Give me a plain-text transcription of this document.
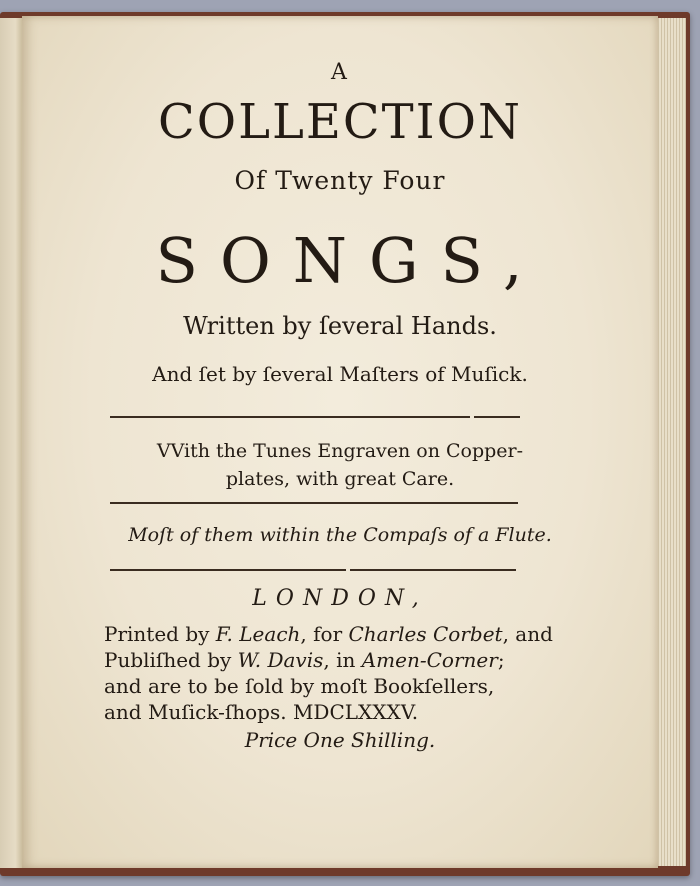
A

COLLECTION

Of Twenty Four

SONGS,

Written by ſeveral Hands.

And ſet by ſeveral Maſters of Muſick.

VVith the Tunes Engraven on Copper-

plates, with great Care.

Moſt of them within the Compaſs of a Flute.

LONDON,

Printed by F. Leach, for Charles Corbet, and

Publiſhed by W. Davis, in Amen-Corner;

and are to be ſold by moſt Bookſellers,

and Muſick-ſhops. MDCLXXXV.

Price One Shilling.
